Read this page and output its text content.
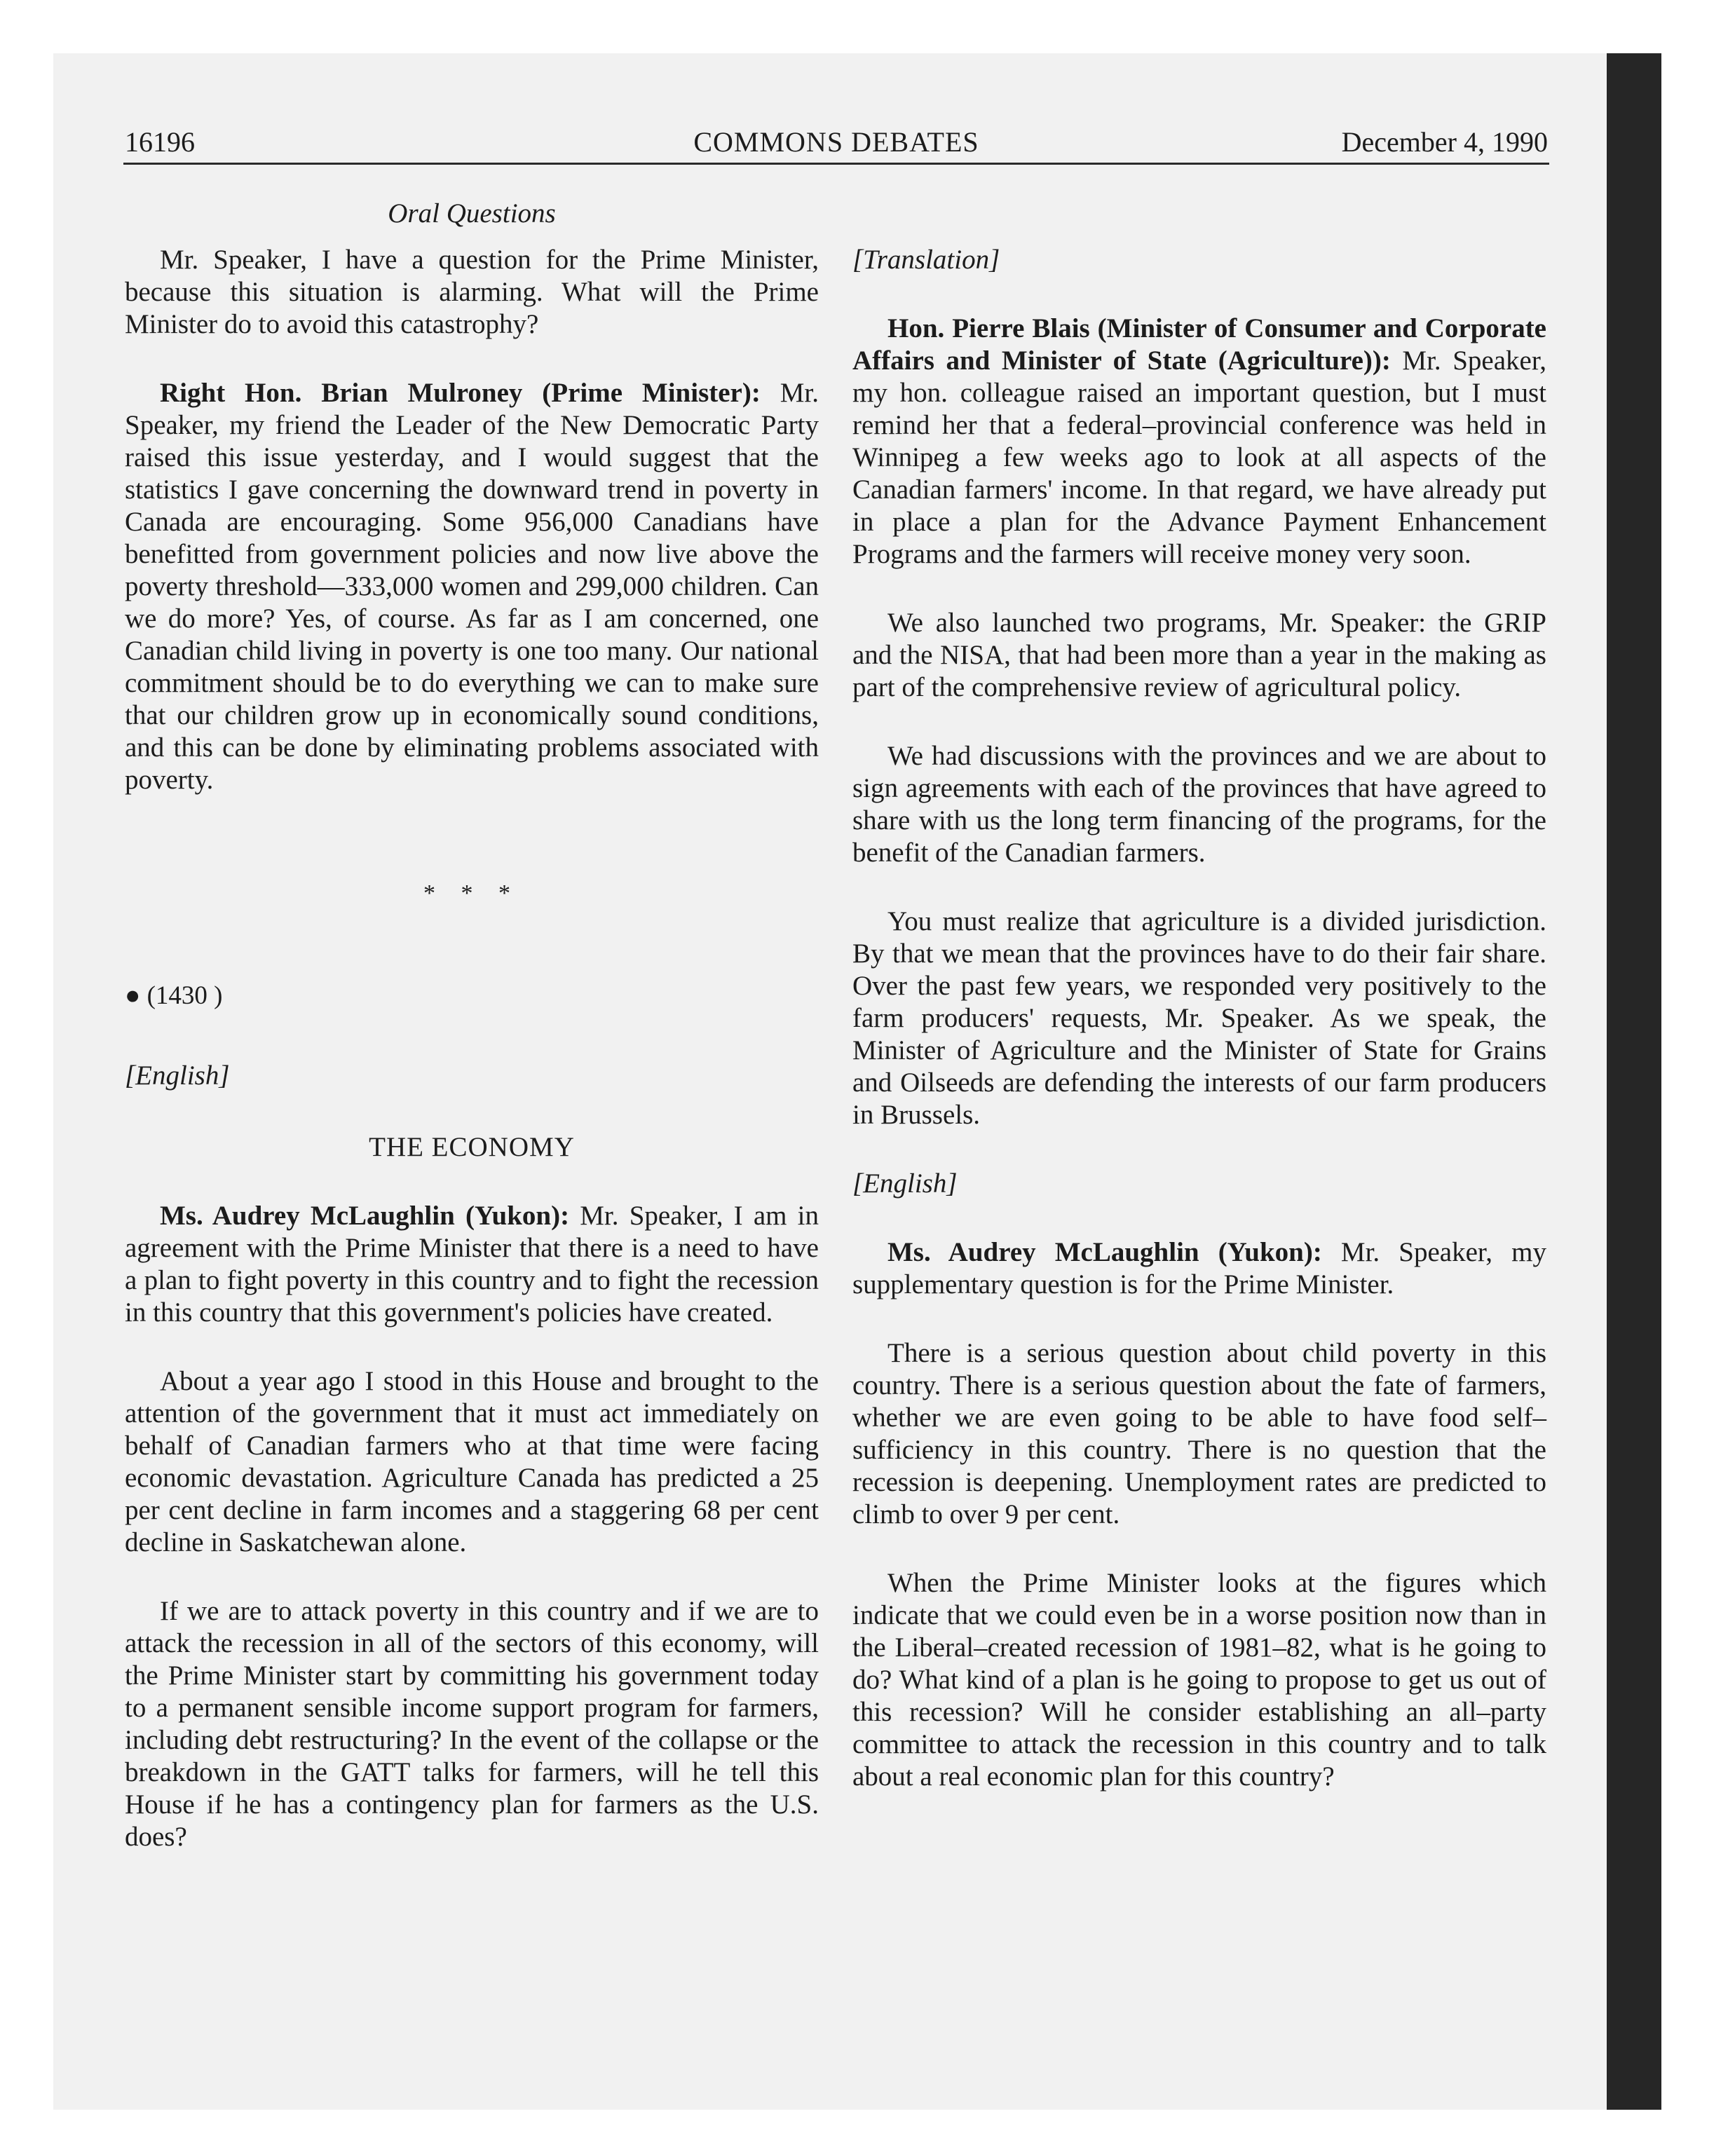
16196	COMMONS DEBATES	December 4, 1990
Oral Questions

Mr. Speaker, I have a question for the Prime Minister, because this situation is alarming. What will the Prime Minister do to avoid this catastrophy?

Right Hon. Brian Mulroney (Prime Minister): Mr. Speaker, my friend the Leader of the New Democratic Party raised this issue yesterday, and I would suggest that the statistics I gave concerning the downward trend in poverty in Canada are encouraging. Some 956,000 Canadians have benefitted from government policies and now live above the poverty threshold—333,000 women and 299,000 children. Can we do more? Yes, of course. As far as I am concerned, one Canadian child living in poverty is one too many. Our national commitment should be to do everything we can to make sure that our children grow up in economically sound conditions, and this can be done by eliminating problems associated with poverty.

* * *

● (1430 )

[English]

THE ECONOMY

Ms. Audrey McLaughlin (Yukon): Mr. Speaker, I am in agreement with the Prime Minister that there is a need to have a plan to fight poverty in this country and to fight the recession in this country that this government's policies have created.

About a year ago I stood in this House and brought to the attention of the government that it must act immediately on behalf of Canadian farmers who at that time were facing economic devastation. Agriculture Canada has predicted a 25 per cent decline in farm incomes and a staggering 68 per cent decline in Saskatchewan alone.

If we are to attack poverty in this country and if we are to attack the recession in all of the sectors of this economy, will the Prime Minister start by committing his government today to a permanent sensible income support program for farmers, including debt restructuring? In the event of the collapse or the breakdown in the GATT talks for farmers, will he tell this House if he has a contingency plan for farmers as the U.S. does?

[Translation]

Hon. Pierre Blais (Minister of Consumer and Corporate Affairs and Minister of State (Agriculture)): Mr. Speaker, my hon. colleague raised an important question, but I must remind her that a federal–provincial conference was held in Winnipeg a few weeks ago to look at all aspects of the Canadian farmers' income. In that regard, we have already put in place a plan for the Advance Payment Enhancement Programs and the farmers will receive money very soon.

We also launched two programs, Mr. Speaker: the GRIP and the NISA, that had been more than a year in the making as part of the comprehensive review of agricultural policy.

We had discussions with the provinces and we are about to sign agreements with each of the provinces that have agreed to share with us the long term financing of the programs, for the benefit of the Canadian farmers.

You must realize that agriculture is a divided jurisdiction. By that we mean that the provinces have to do their fair share. Over the past few years, we responded very positively to the farm producers' requests, Mr. Speaker. As we speak, the Minister of Agriculture and the Minister of State for Grains and Oilseeds are defending the interests of our farm producers in Brussels.

[English]

Ms. Audrey McLaughlin (Yukon): Mr. Speaker, my supplementary question is for the Prime Minister.

There is a serious question about child poverty in this country. There is a serious question about the fate of farmers, whether we are even going to be able to have food self–sufficiency in this country. There is no question that the recession is deepening. Unemployment rates are predicted to climb to over 9 per cent.

When the Prime Minister looks at the figures which indicate that we could even be in a worse position now than in the Liberal–created recession of 1981–82, what is he going to do? What kind of a plan is he going to propose to get us out of this recession? Will he consider establishing an all–party committee to attack the recession in this country and to talk about a real economic plan for this country?
